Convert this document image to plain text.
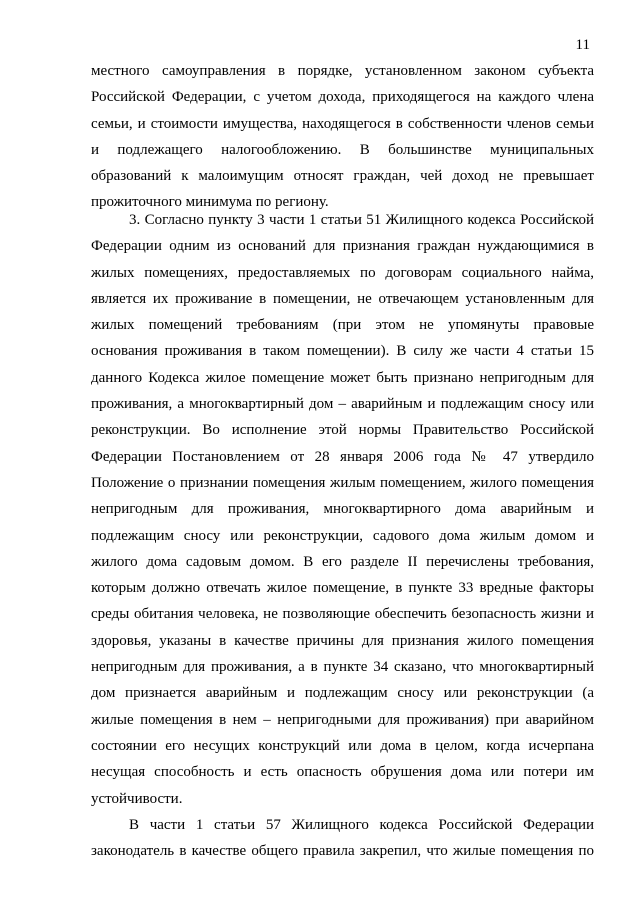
11
местного самоуправления в порядке, установленном законом субъекта
Российской Федерации, с учетом дохода, приходящегося на каждого члена
семьи, и стоимости имущества, находящегося в собственности членов семьи
и подлежащего налогообложению. В большинстве муниципальных
образований к малоимущим относят граждан, чей доход не превышает
прожиточного минимума по региону.
3. Согласно пункту 3 части 1 статьи 51 Жилищного кодекса Российской
Федерации одним из оснований для признания граждан нуждающимися в
жилых помещениях, предоставляемых по договорам социального найма,
является их проживание в помещении, не отвечающем установленным для
жилых помещений требованиям (при этом не упомянуты правовые
основания проживания в таком помещении). В силу же части 4 статьи 15
данного Кодекса жилое помещение может быть признано непригодным для
проживания, а многоквартирный дом – аварийным и подлежащим сносу или
реконструкции. Во исполнение этой нормы Правительство Российской
Федерации Постановлением от 28 января 2006 года № 47 утвердило
Положение о признании помещения жилым помещением, жилого помещения
непригодным для проживания, многоквартирного дома аварийным и
подлежащим сносу или реконструкции, садового дома жилым домом и
жилого дома садовым домом. В его разделе II перечислены требования,
которым должно отвечать жилое помещение, в пункте 33 вредные факторы
среды обитания человека, не позволяющие обеспечить безопасность жизни и
здоровья, указаны в качестве причины для признания жилого помещения
непригодным для проживания, а в пункте 34 сказано, что многоквартирный
дом признается аварийным и подлежащим сносу или реконструкции (а
жилые помещения в нем – непригодными для проживания) при аварийном
состоянии его несущих конструкций или дома в целом, когда исчерпана
несущая способность и есть опасность обрушения дома или потери им
устойчивости.
В части 1 статьи 57 Жилищного кодекса Российской Федерации
законодатель в качестве общего правила закрепил, что жилые помещения по
